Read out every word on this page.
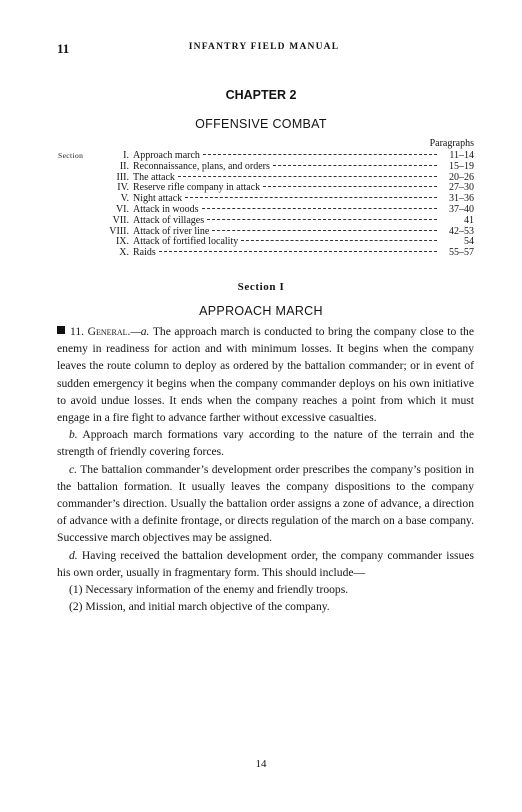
11	INFANTRY FIELD MANUAL
CHAPTER 2
OFFENSIVE COMBAT
Paragraphs
Section	I. Approach march	11–14
II. Reconnaissance, plans, and orders	15–19
III. The attack	20–26
IV. Reserve rifle company in attack	27–30
V. Night attack	31–36
VI. Attack in woods	37–40
VII. Attack of villages	41
VIII. Attack of river line	42–53
IX. Attack of fortified locality	54
X. Raids	55–57
Section I
APPROACH MARCH

11. General.—a. The approach march is conducted to bring the company close to the enemy in readiness for action and with minimum losses. It begins when the company leaves the route column to deploy as ordered by the battalion commander; or in event of sudden emergency it begins when the company commander deploys on his own initiative to avoid undue losses. It ends when the company reaches a point from which it must engage in a fire fight to advance farther without excessive casualties.

b. Approach march formations vary according to the nature of the terrain and the strength of friendly covering forces.

c. The battalion commander’s development order prescribes the company’s position in the battalion formation. It usually leaves the company dispositions to the company commander’s direction. Usually the battalion order assigns a zone of advance, a direction of advance with a definite frontage, or directs regulation of the march on a base company. Successive march objectives may be assigned.

d. Having received the battalion development order, the company commander issues his own order, usually in fragmentary form. This should include—

(1) Necessary information of the enemy and friendly troops.

(2) Mission, and initial march objective of the company.

14
